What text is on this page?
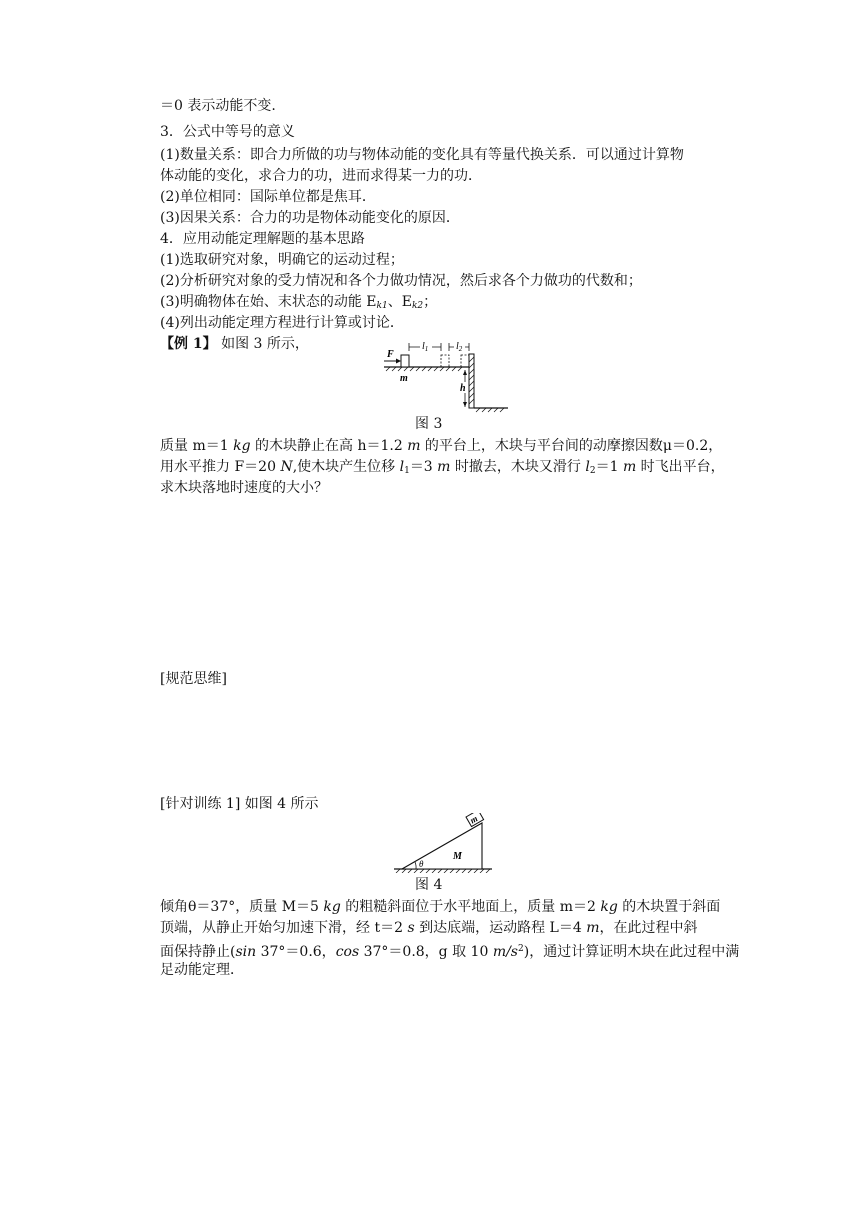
＝0 表示动能不变.

3．公式中等号的意义

(1)数量关系：即合力所做的功与物体动能的变化具有等量代换关系．可以通过计算物

体动能的变化，求合力的功，进而求得某一力的功．

(2)单位相同：国际单位都是焦耳．

(3)因果关系：合力的功是物体动能变化的原因．

4．应用动能定理解题的基本思路

(1)选取研究对象，明确它的运动过程；

(2)分析研究对象的受力情况和各个力做功情况，然后求各个力做功的代数和；

(3)明确物体在始、末状态的动能 $E_{k1}$、$E_{k2}$；

(4)列出动能定理方程进行计算或讨论．

【例 1】 如图 3 所示，

F
m
$l_1$	$l_2$
h
图 3

质量 m＝1 kg 的木块静止在高 h＝1.2 m 的平台上，木块与平台间的动摩擦因数μ＝0.2，

用水平推力 F＝20 N,使木块产生位移 $l_1=3$ m 时撤去，木块又滑行 $l_2=1$ m 时飞出平台，

求木块落地时速度的大小？

[规范思维]

[针对训练 1] 如图 4 所示

m
θ
M
图 4

倾角θ＝37°，质量 M＝5 kg 的粗糙斜面位于水平地面上，质量 m＝2 kg 的木块置于斜面

顶端，从静止开始匀加速下滑，经 t＝2 s 到达底端，运动路程 L＝4 m，在此过程中斜

面保持静止(sin 37°＝0.6，cos 37°＝0.8，g 取 10 $m/s^2$)，通过计算证明木块在此过程中满

足动能定理．
